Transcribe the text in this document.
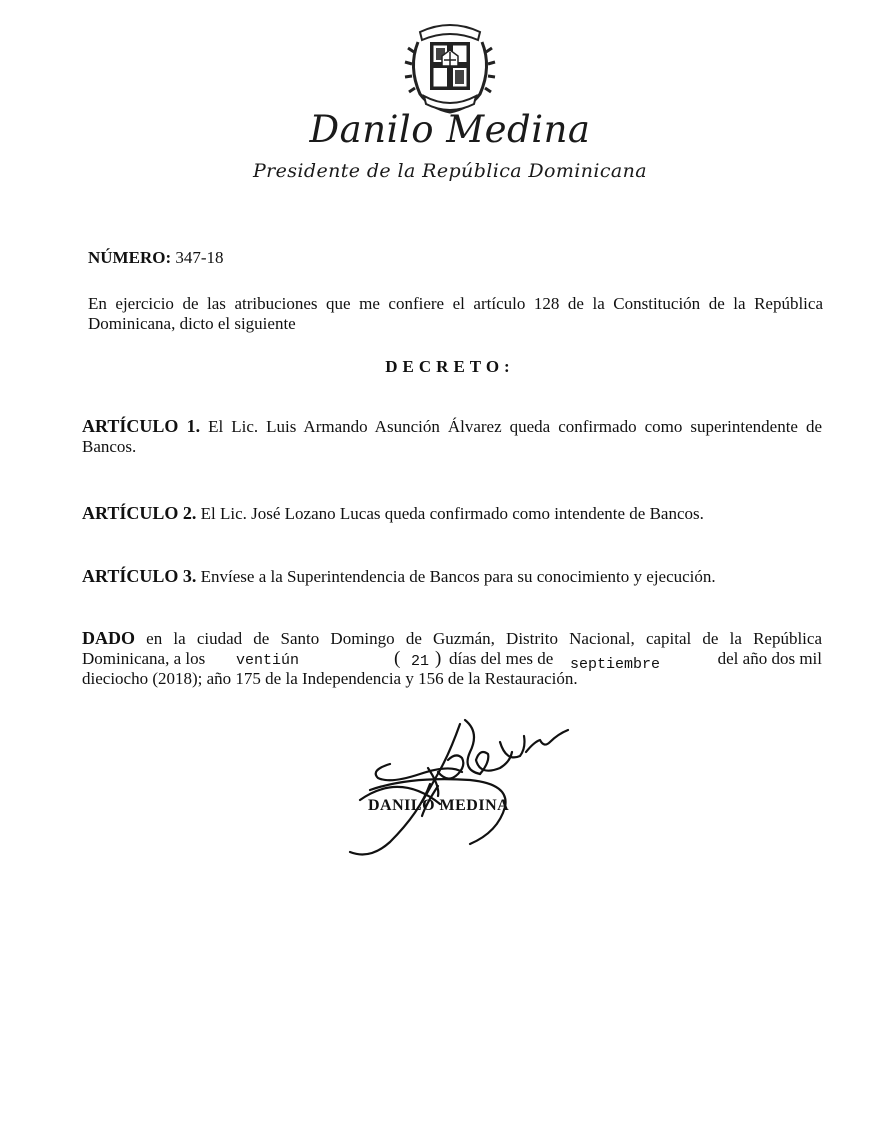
Danilo Medina
Presidente de la República Dominicana
NÚMERO: 347-18
En ejercicio de las atribuciones que me confiere el artículo 128 de la Constitución de la República
Dominicana, dicto el siguiente
DECRETO:
ARTÍCULO 1. El Lic. Luis Armando Asunción Álvarez queda confirmado como superintendente de Bancos.
ARTÍCULO 2. El Lic. José Lozano Lucas queda confirmado como intendente de Bancos.
ARTÍCULO 3. Envíese a la Superintendencia de Bancos para su conocimiento y ejecución.
DADO en la ciudad de Santo Domingo de Guzmán, Distrito Nacional, capital de la República
Dominicana, a los ventiún	( 21 ) días del mes de septiembre	del año dos mil
dieciocho (2018); año 175 de la Independencia y 156 de la Restauración.
DANILO MEDINA
